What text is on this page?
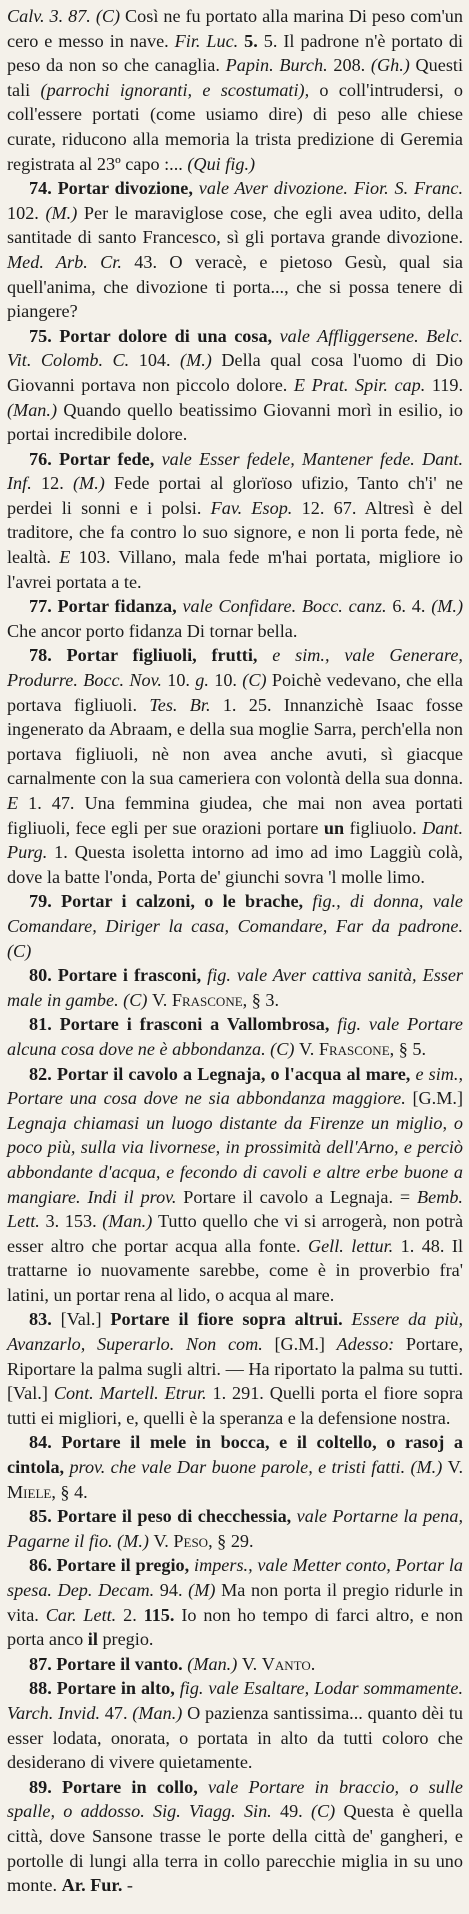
Calv. 3. 87. (C) Così ne fu portato alla marina Di peso com'un cero e messo in nave. Fir. Luc. 5. 5. Il padrone n'è portato di peso da non so che canaglia. Papin. Burch. 208. (Gh.) Questi tali (parrochi ignoranti, e scostumati), o coll'intrudersi, o coll'essere portati (come usiamo dire) di peso alle chiese curate, riducono alla memoria la trista predizione di Geremia registrata al 23º capo :... (Qui fig.)

74. Portar divozione, vale Aver divozione. Fior. S. Franc. 102. (M.) Per le maraviglose cose, che egli avea udito, della santitade di santo Francesco, sì gli portava grande divozione. Med. Arb. Cr. 43. O veracè, e pietoso Gesù, qual sia quell'anima, che divozione ti porta..., che si possa tenere di piangere?

75. Portar dolore di una cosa, vale Affliggersene. Belc. Vit. Colomb. C. 104. (M.) Della qual cosa l'uomo di Dio Giovanni portava non piccolo dolore. E Prat. Spir. cap. 119. (Man.) Quando quello beatissimo Giovanni morì in esilio, io portai incredibile dolore.

76. Portar fede, vale Esser fedele, Mantener fede. Dant. Inf. 12. (M.) Fede portai al glorïoso ufizio, Tanto ch'i' ne perdei li sonni e i polsi. Fav. Esop. 12. 67. Altresì è del traditore, che fa contro lo suo signore, e non li porta fede, nè lealtà. E 103. Villano, mala fede m'hai portata, migliore io l'avrei portata a te.

77. Portar fidanza, vale Confidare. Bocc. canz. 6. 4. (M.) Che ancor porto fidanza Di tornar bella.

78. Portar figliuoli, frutti, e sim., vale Generare, Produrre. Bocc. Nov. 10. g. 10. (C) Poichè vedevano, che ella portava figliuoli. Tes. Br. 1. 25. Innanzichè Isaac fosse ingenerato da Abraam, e della sua moglie Sarra, perch'ella non portava figliuoli, nè non avea anche avuti, sì giacque carnalmente con la sua cameriera con volontà della sua donna. E 1. 47. Una femmina giudea, che mai non avea portati figliuoli, fece egli per sue orazioni portare un figliuolo. Dant. Purg. 1. Questa isoletta intorno ad imo ad imo Laggiù colà, dove la batte l'onda, Porta de' giunchi sovra 'l molle limo.

79. Portar i calzoni, o le brache, fig., di donna, vale Comandare, Diriger la casa, Comandare, Far da padrone. (C)

80. Portare i frasconi, fig. vale Aver cattiva sanità, Esser male in gambe. (C) V. Frascone, § 3.

81. Portare i frasconi a Vallombrosa, fig. vale Portare alcuna cosa dove ne è abbondanza. (C) V. Frascone, § 5.

82. Portar il cavolo a Legnaja, o l'acqua al mare, e sim., Portare una cosa dove ne sia abbondanza maggiore. [G.M.] Legnaja chiamasi un luogo distante da Firenze un miglio, o poco più, sulla via livornese, in prossimità dell'Arno, e perciò abbondante d'acqua, e fecondo di cavoli e altre erbe buone a mangiare. Indi il prov. Portare il cavolo a Legnaja. = Bemb. Lett. 3. 153. (Man.) Tutto quello che vi si arrogerà, non potrà esser altro che portar acqua alla fonte. Gell. lettur. 1. 48. Il trattarne io nuovamente sarebbe, come è in proverbio fra' latini, un portar rena al lido, o acqua al mare.

83. [Val.] Portare il fiore sopra altrui. Essere da più, Avanzarlo, Superarlo. Non com. [G.M.] Adesso: Portare, Riportare la palma sugli altri. — Ha riportato la palma su tutti. [Val.] Cont. Martell. Etrur. 1. 291. Quelli porta el fiore sopra tutti ei migliori, e, quelli è la speranza e la defensione nostra.

84. Portare il mele in bocca, e il coltello, o rasoj a cintola, prov. che vale Dar buone parole, e tristi fatti. (M.) V. Miele, § 4.

85. Portare il peso di checchessia, vale Portarne la pena, Pagarne il fio. (M.) V. Peso, § 29.

86. Portare il pregio, impers., vale Metter conto, Portar la spesa. Dep. Decam. 94. (M) Ma non porta il pregio ridurle in vita. Car. Lett. 2. 115. Io non ho tempo di farci altro, e non porta anco il pregio.

87. Portare il vanto. (Man.) V. Vanto.

88. Portare in alto, fig. vale Esaltare, Lodar sommamente. Varch. Invid. 47. (Man.) O pazienza santissima... quanto dèi tu esser lodata, onorata, o portata in alto da tutti coloro che desiderano di vivere quietamente.

89. Portare in collo, vale Portare in braccio, o sulle spalle, o addosso. Sig. Viagg. Sin. 49. (C) Questa è quella città, dove Sansone trasse le porte della città de' gangheri, e portolle di lungi alla terra in collo parecchie miglia in su uno monte. Ar. Fur. -
